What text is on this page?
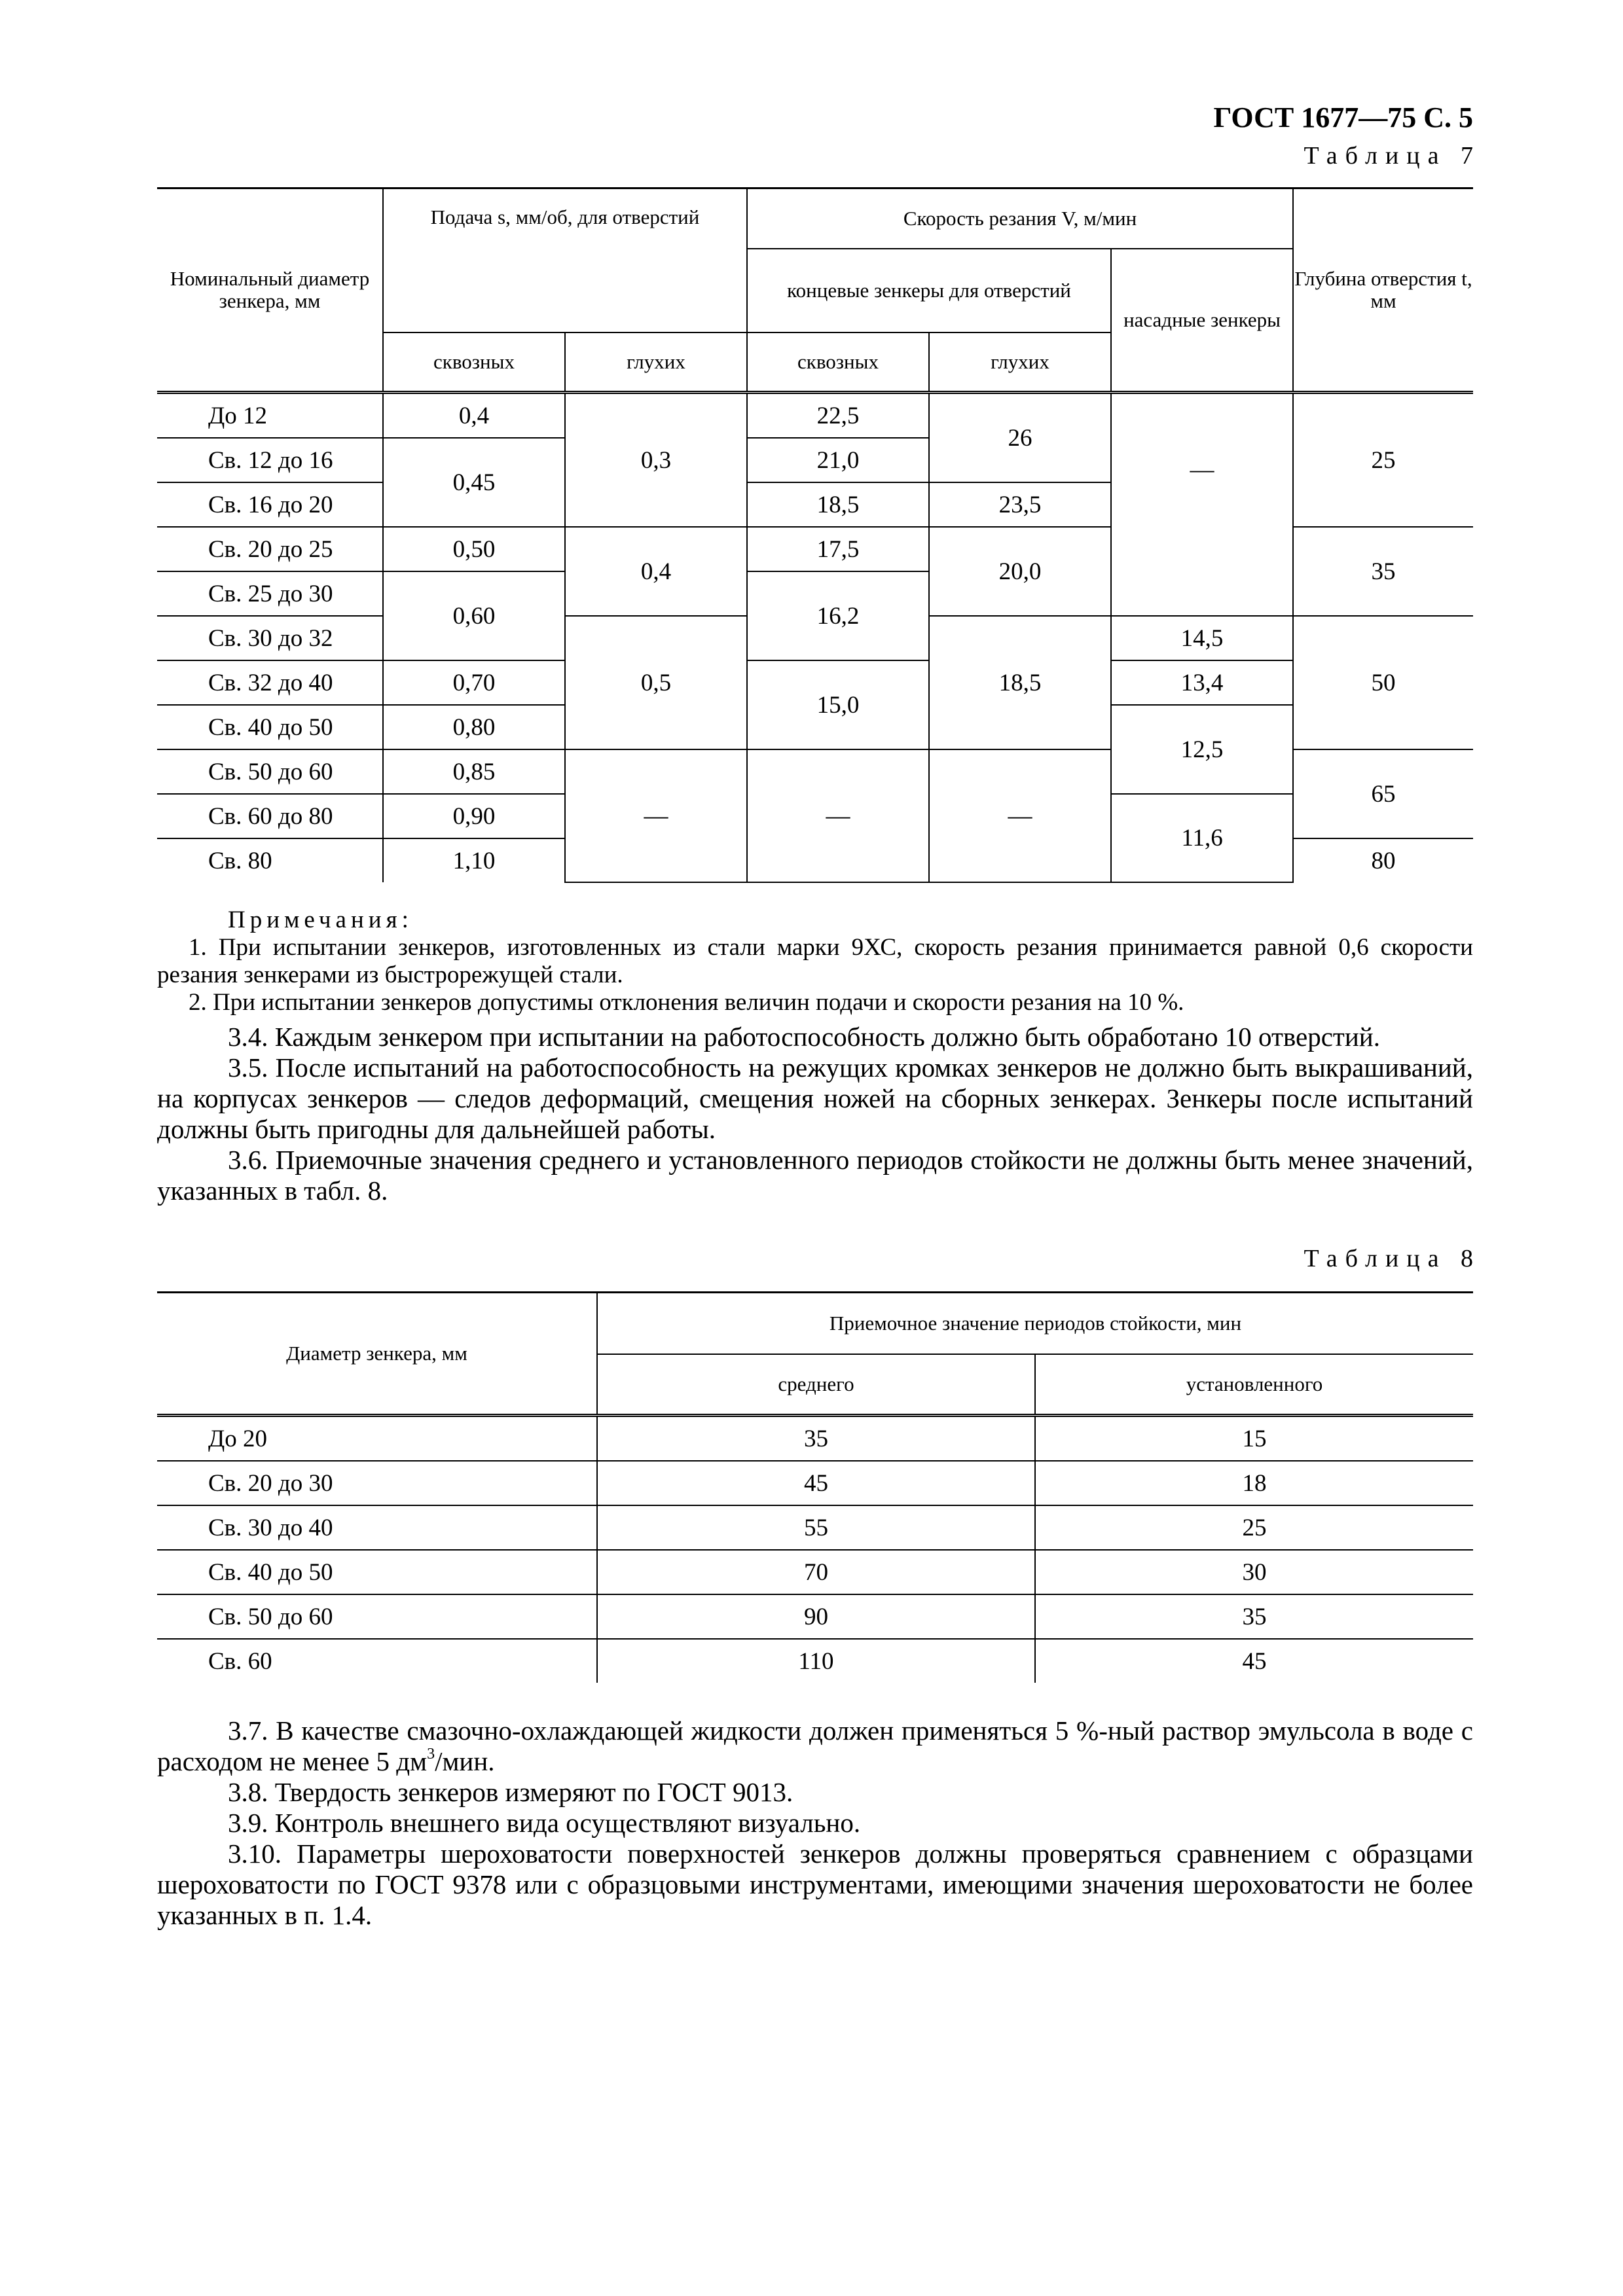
ГОСТ 1677—75 С. 5
Таблица 7
Номинальный диаметр зенкера, мм	Подача s, мм/об, для отверстий		Скорость резания V, м/мин			Глубина отверстия t, мм
			концевые зенкеры для отверстий		насадные зенкеры	
	сквозных	глухих	сквозных	глухих		
До 12	0,4	0,3	22,5	26	—	25
Св. 12 до 16	0,45		21,0			
Св. 16 до 20			18,5	23,5		
Св. 20 до 25	0,50	0,4	17,5	20,0		35
Св. 25 до 30	0,60		16,2			
Св. 30 до 32		0,5		18,5	14,5	50
Св. 32 до 40	0,70		15,0		13,4	
Св. 40 до 50	0,80				12,5	
Св. 50 до 60	0,85	—	—	—		65
Св. 60 до 80	0,90				11,6	
Св. 80	1,10					80

Примечания:

1. При испытании зенкеров, изготовленных из стали марки 9ХС, скорость резания принимается равной 0,6 скорости резания зенкерами из быстрорежущей стали.

2. При испытании зенкеров допустимы отклонения величин подачи и скорости резания на 10 %.

3.4. Каждым зенкером при испытании на работоспособность должно быть обработано 10 отверстий.

3.5. После испытаний на работоспособность на режущих кромках зенкеров не должно быть выкрашиваний, на корпусах зенкеров — следов деформаций, смещения ножей на сборных зенкерах. Зенкеры после испытаний должны быть пригодны для дальнейшей работы.

3.6. Приемочные значения среднего и установленного периодов стойкости не должны быть менее значений, указанных в табл. 8.

Таблица 8
Диаметр зенкера, мм	Приемочное значение периодов стойкости, мин	
	среднего	установленного
До 20	35	15
Св. 20 до 30	45	18
Св. 30 до 40	55	25
Св. 40 до 50	70	30
Св. 50 до 60	90	35
Св. 60	110	45

3.7. В качестве смазочно-охлаждающей жидкости должен применяться 5 %-ный раствор эмульсола в воде с расходом не менее 5 $дм^3$/мин.

3.8. Твердость зенкеров измеряют по ГОСТ 9013.

3.9. Контроль внешнего вида осуществляют визуально.

3.10. Параметры шероховатости поверхностей зенкеров должны проверяться сравнением с образцами шероховатости по ГОСТ 9378 или с образцовыми инструментами, имеющими значения шероховатости не более указанных в п. 1.4.
